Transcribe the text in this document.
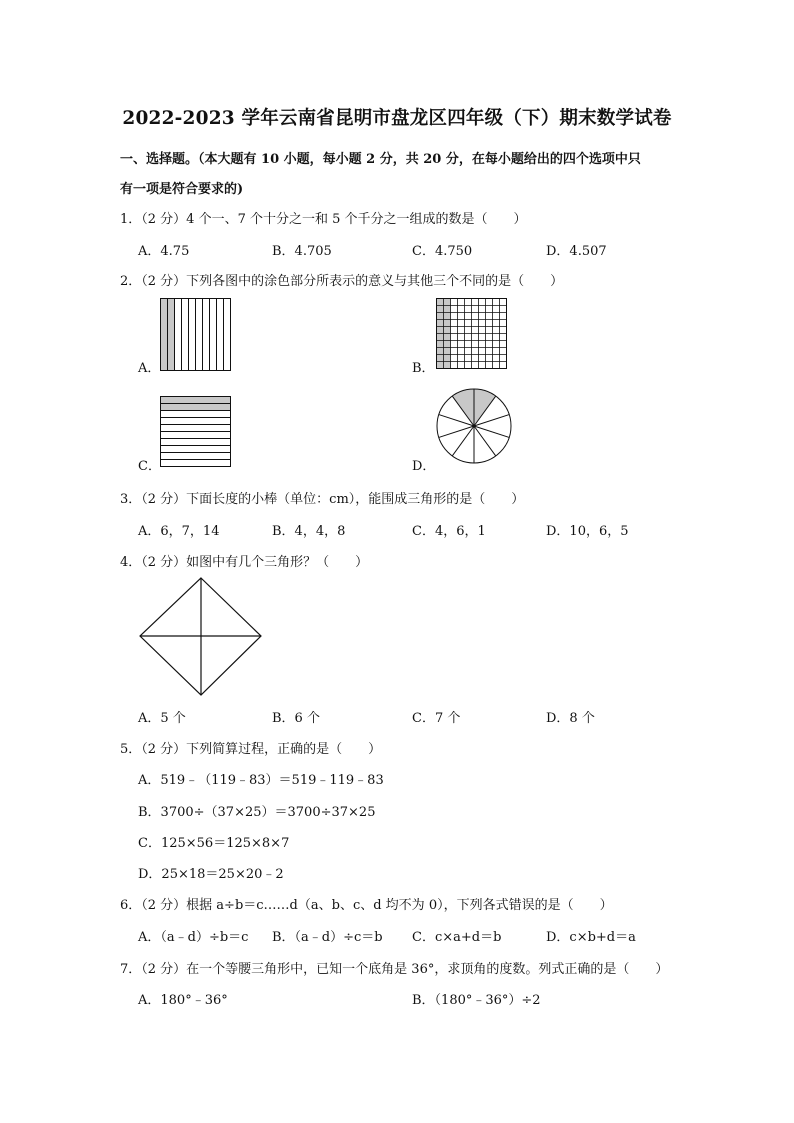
2022-2023 学年云南省昆明市盘龙区四年级（下）期末数学试卷
一、选择题。（本大题有 10 小题，每小题 2 分，共 20 分，在每小题给出的四个选项中只
有一项是符合要求的)
1．（2 分）4 个一、7 个十分之一和 5 个千分之一组成的数是（　　）
A．4.75	B．4.705	C．4.750	D．4.507
2．（2 分）下列各图中的涂色部分所表示的意义与其他三个不同的是（　　）
A．	B．
C．	D．
3．（2 分）下面长度的小棒（单位：cm），能围成三角形的是（　　）
A．6，7，14	B．4，4，8	C．4，6，1	D．10，6，5
4．（2 分）如图中有几个三角形？（　　）
A．5 个	B．6 个	C．7 个	D．8 个
5．（2 分）下列简算过程，正确的是（　　）
A．519﹣（119﹣83）＝519﹣119﹣83
B．3700÷（37×25）＝3700÷37×25
C．125×56＝125×8×7
D．25×18＝25×20﹣2
6．（2 分）根据 a÷b＝c……d（a、b、c、d 均不为 0），下列各式错误的是（　　）
A．（a﹣d）÷b＝c B．（a﹣d）÷c＝b C．c×a+d＝b	D．c×b+d＝a
7．（2 分）在一个等腰三角形中，已知一个底角是 36°，求顶角的度数。列式正确的是（　　）
A．180°﹣36°	B．（180°﹣36°）÷2
